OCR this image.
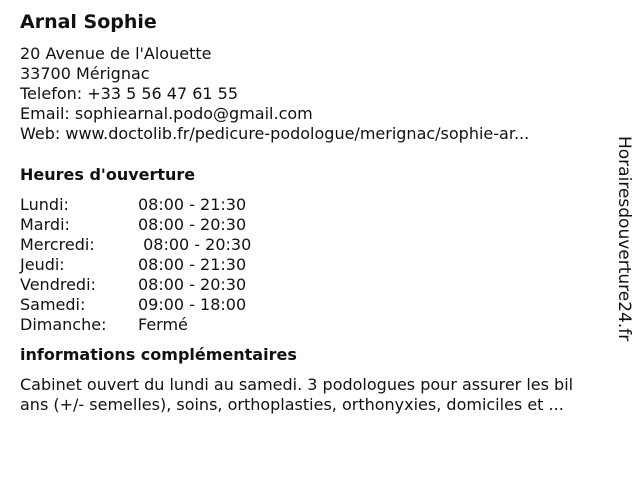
Arnal Sophie
20 Avenue de l'Alouette
33700 Mérignac
Telefon: +33 5 56 47 61 55
Email: sophiearnal.podo@gmail.com
Web: www.doctolib.fr/pedicure-podologue/merignac/sophie-ar...
Heures d'ouverture
Lundi:	08:00 - 21:30
Mardi:	08:00 - 20:30
Mercredi:	08:00 - 20:30
Jeudi:	08:00 - 21:30
Vendredi:	08:00 - 20:30
Samedi:	09:00 - 18:00
Dimanche: Fermé
informations complémentaires
Cabinet ouvert du lundi au samedi. 3 podologues pour assurer les bil
ans (+/- semelles), soins, orthoplasties, orthonyxies, domiciles et ...
Horairesdouverture24.fr
